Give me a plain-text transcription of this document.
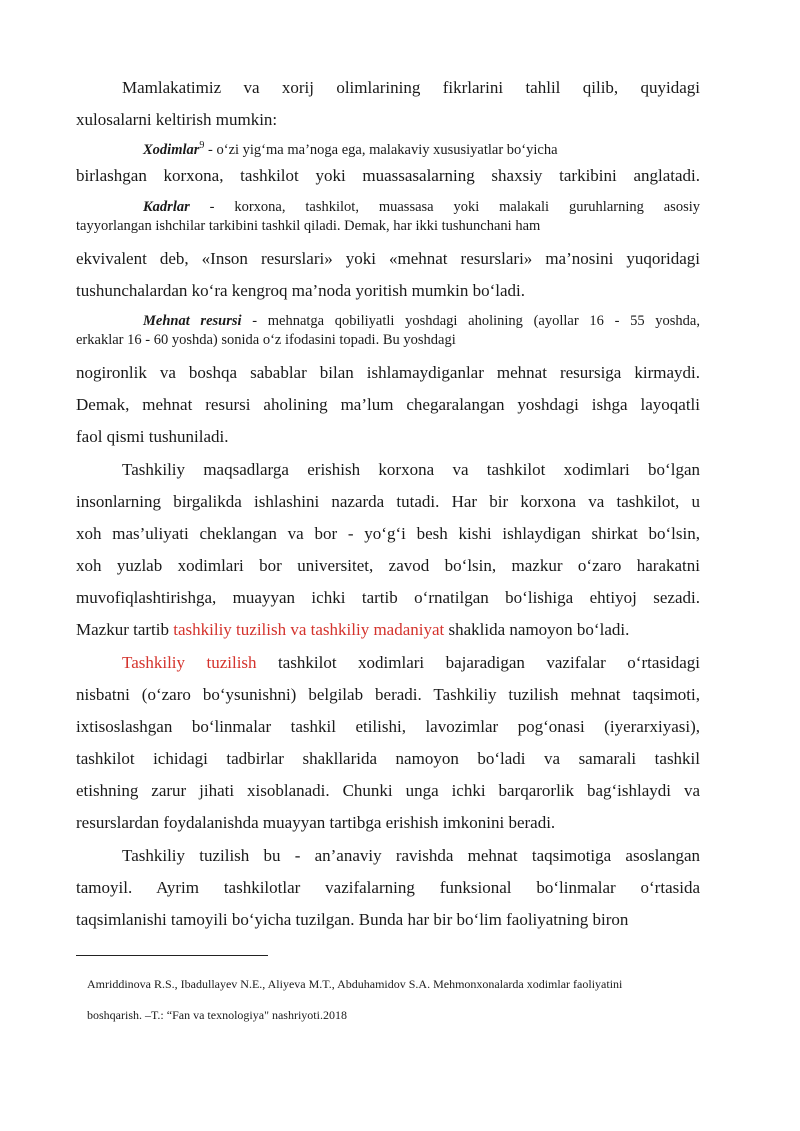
Mamlakatimiz va xorij olimlarining fikrlarini tahlil qilib, quyidagi
xulosalarni keltirish mumkin:
Xodimlar$^9$ - o‘zi yig‘ma ma’noga ega, malakaviy xususiyatlar bo‘yicha
birlashgan korxona, tashkilot yoki muassasalarning shaxsiy tarkibini anglatadi.
Kadrlar - korxona, tashkilot, muassasa yoki malakali guruhlarning asosiy
tayyorlangan ishchilar tarkibini tashkil qiladi. Demak, har ikki tushunchani ham
ekvivalent deb, «Inson resurslari» yoki «mehnat resurslari» ma’nosini yuqoridagi
tushunchalardan ko‘ra kengroq ma’noda yoritish mumkin bo‘ladi.
Mehnat resursi - mehnatga qobiliyatli yoshdagi aholining (ayollar 16 - 55 yoshda,
erkaklar 16 - 60 yoshda) sonida o‘z ifodasini topadi. Bu yoshdagi
nogironlik va boshqa sabablar bilan ishlamaydiganlar mehnat resursiga kirmaydi.
Demak, mehnat resursi aholining ma’lum chegaralangan yoshdagi ishga layoqatli
faol qismi tushuniladi.
Tashkiliy maqsadlarga erishish korxona va tashkilot xodimlari bo‘lgan
insonlarning birgalikda ishlashini nazarda tutadi. Har bir korxona va tashkilot, u
xoh mas’uliyati cheklangan va bor - yo‘g‘i besh kishi ishlaydigan shirkat bo‘lsin,
xoh yuzlab xodimlari bor universitet, zavod bo‘lsin, mazkur o‘zaro harakatni
muvofiqlashtirishga, muayyan ichki tartib o‘rnatilgan bo‘lishiga ehtiyoj sezadi.
Mazkur tartib tashkiliy tuzilish va tashkiliy madaniyat shaklida namoyon bo‘ladi.
Tashkiliy tuzilish tashkilot xodimlari bajaradigan vazifalar o‘rtasidagi
nisbatni (o‘zaro bo‘ysunishni) belgilab beradi. Tashkiliy tuzilish mehnat taqsimoti,
ixtisoslashgan bo‘linmalar tashkil etilishi, lavozimlar pog‘onasi (iyerarxiyasi),
tashkilot ichidagi tadbirlar shakllarida namoyon bo‘ladi va samarali tashkil
etishning zarur jihati xisoblanadi. Chunki unga ichki barqarorlik bag‘ishlaydi va
resurslardan foydalanishda muayyan tartibga erishish imkonini beradi.
Tashkiliy tuzilish bu - an’anaviy ravishda mehnat taqsimotiga asoslangan
tamoyil. Ayrim tashkilotlar vazifalarning funksional bo‘linmalar o‘rtasida
taqsimlanishi tamoyili bo‘yicha tuzilgan. Bunda har bir bo‘lim faoliyatning biron
Amriddinova R.S., Ibadullayev N.E., Aliyeva M.T., Abduhamidov S.A. Mehmonxonalarda xodimlar faoliyatini
boshqarish. –T.: “Fan va texnologiya" nashriyoti.2018
